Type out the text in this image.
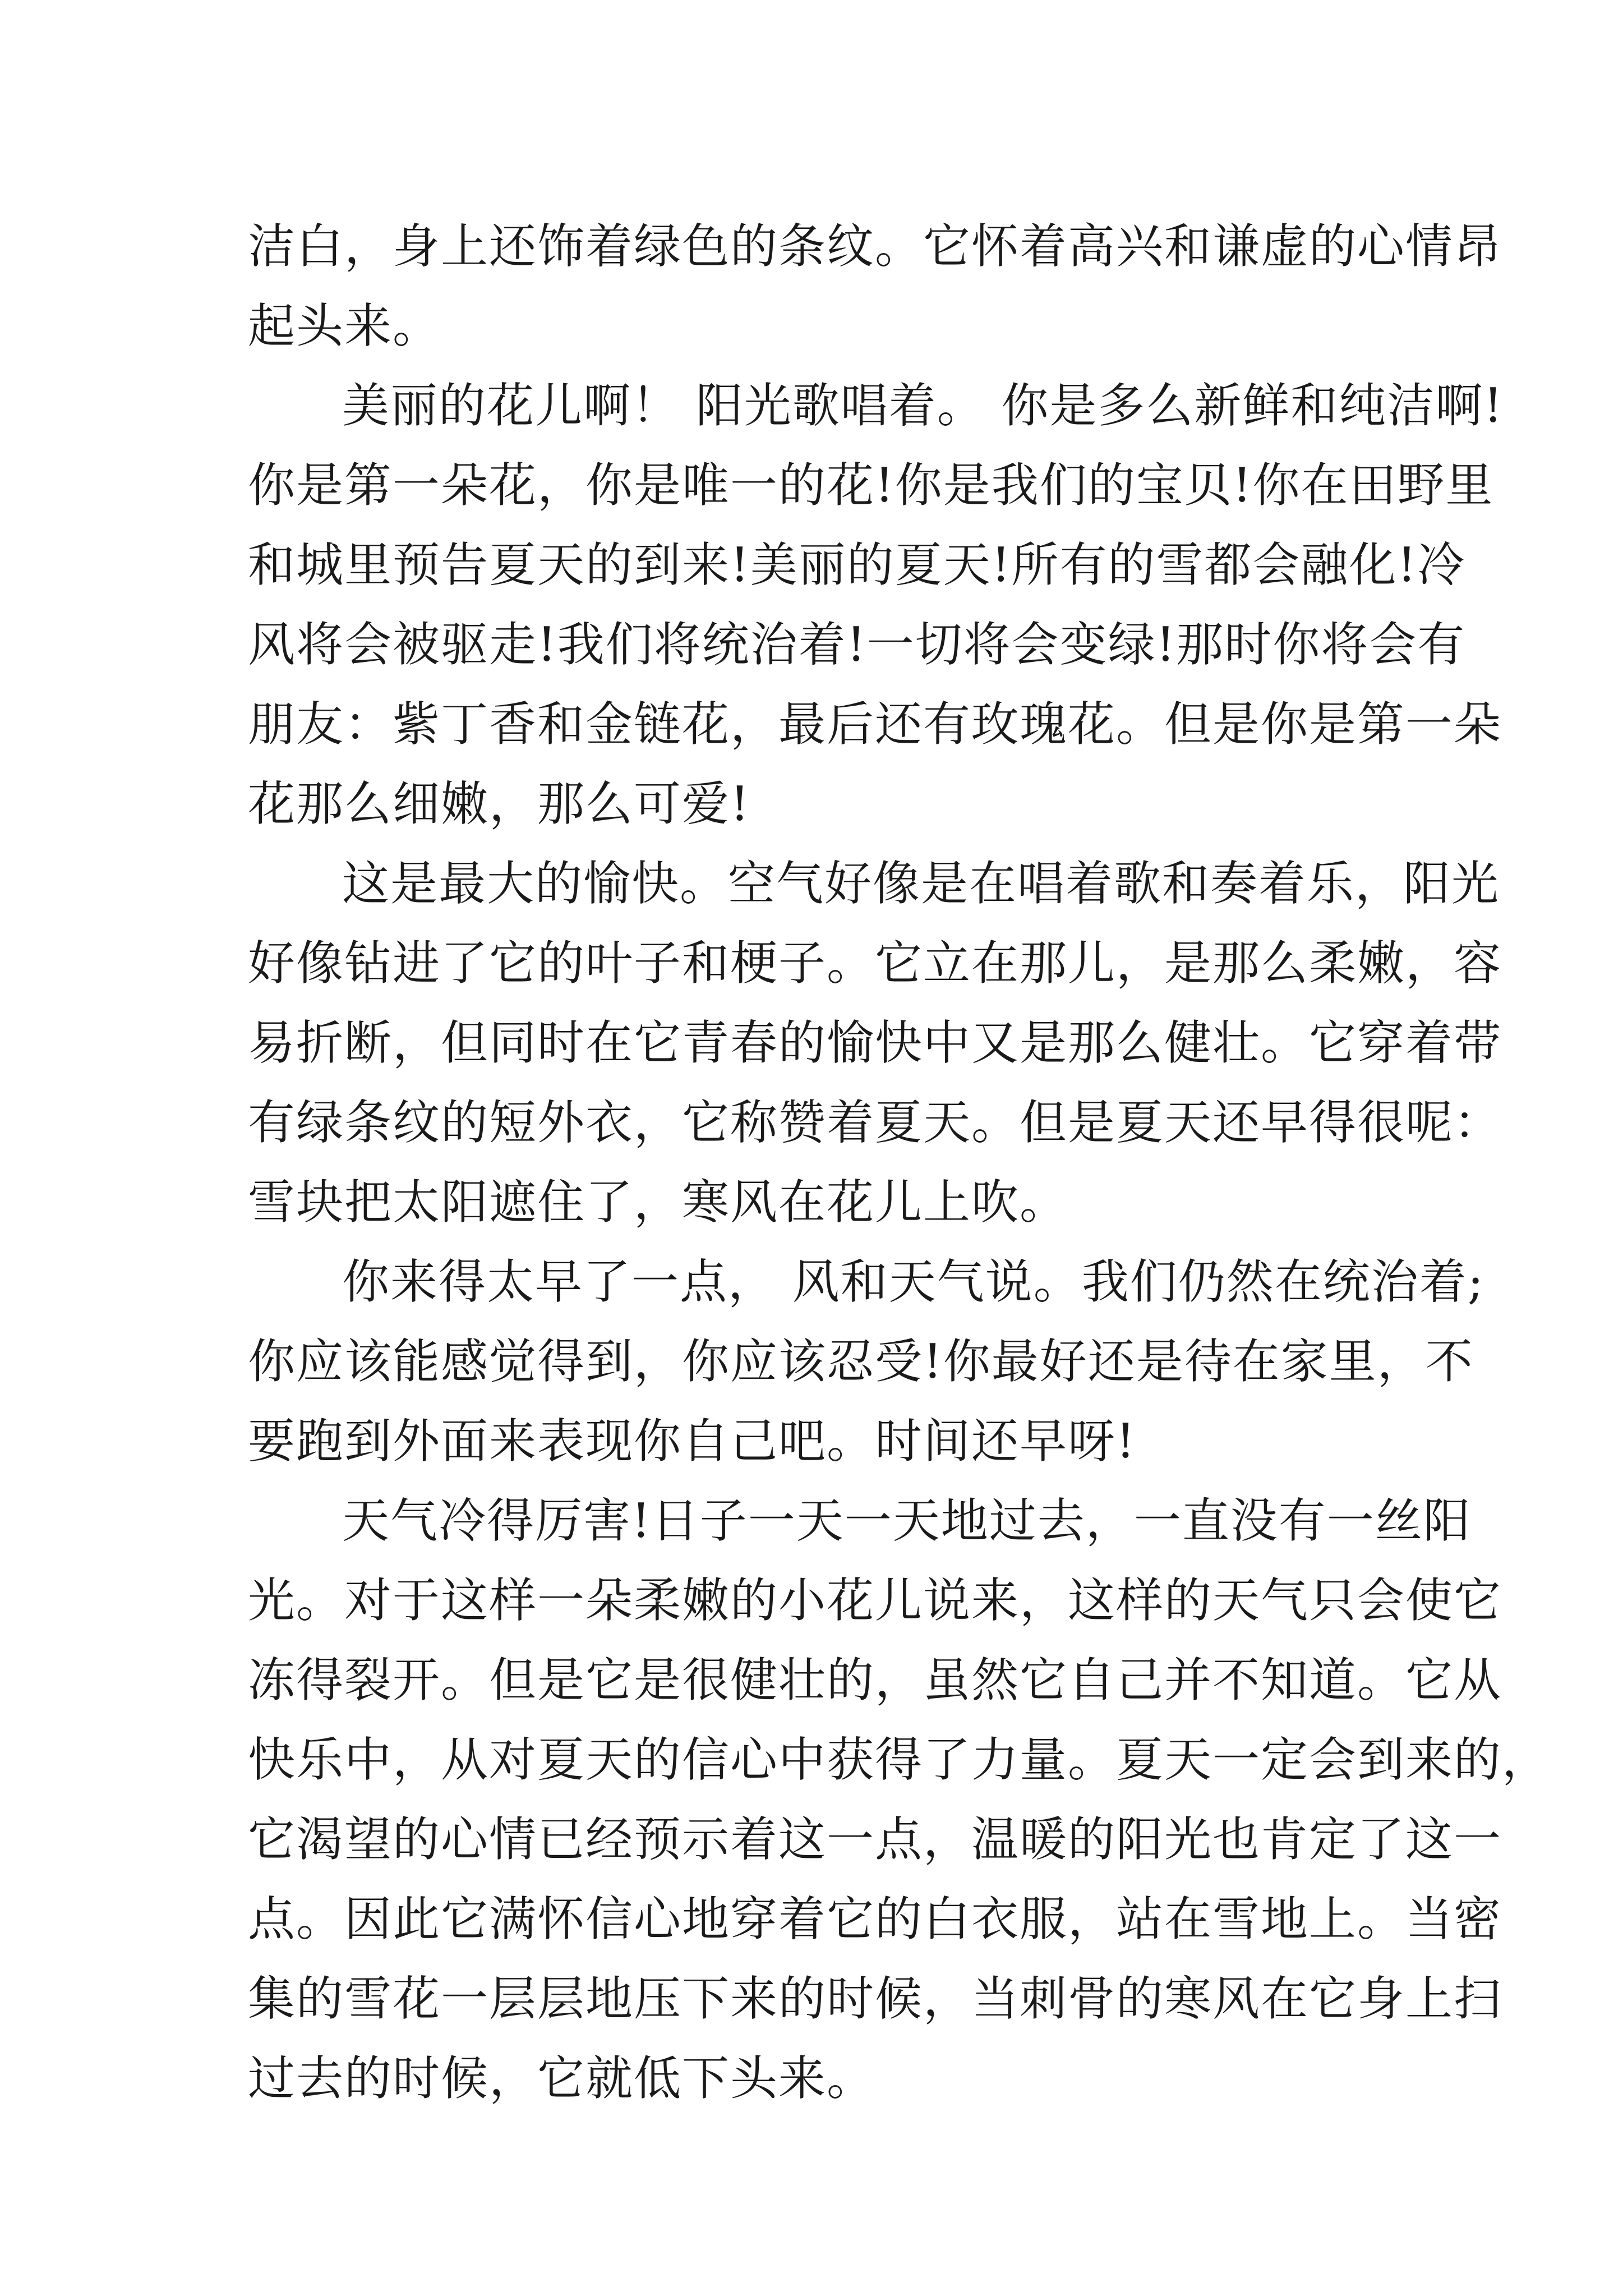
洁白，身上还饰着绿色的条纹。它怀着高兴和谦虚的心情昂
起头来。
美丽的花儿啊！ 阳光歌唱着。 你是多么新鲜和纯洁啊!
你是第一朵花，你是唯一的花!你是我们的宝贝!你在田野里
和城里预告夏天的到来!美丽的夏天!所有的雪都会融化!冷
风将会被驱走!我们将统治着!一切将会变绿!那时你将会有
朋友：紫丁香和金链花，最后还有玫瑰花。但是你是第一朵
花那么细嫩，那么可爱!
这是最大的愉快。空气好像是在唱着歌和奏着乐，阳光
好像钻进了它的叶子和梗子。它立在那儿，是那么柔嫩，容
易折断，但同时在它青春的愉快中又是那么健壮。它穿着带
有绿条纹的短外衣，它称赞着夏天。但是夏天还早得很呢：
雪块把太阳遮住了，寒风在花儿上吹。
你来得太早了一点， 风和天气说。我们仍然在统治着;
你应该能感觉得到，你应该忍受!你最好还是待在家里，不
要跑到外面来表现你自己吧。时间还早呀!
天气冷得厉害!日子一天一天地过去，一直没有一丝阳
光。对于这样一朵柔嫩的小花儿说来，这样的天气只会使它
冻得裂开。但是它是很健壮的，虽然它自己并不知道。它从
快乐中，从对夏天的信心中获得了力量。夏天一定会到来的，
它渴望的心情已经预示着这一点，温暖的阳光也肯定了这一
点。因此它满怀信心地穿着它的白衣服，站在雪地上。当密
集的雪花一层层地压下来的时候，当刺骨的寒风在它身上扫
过去的时候，它就低下头来。
